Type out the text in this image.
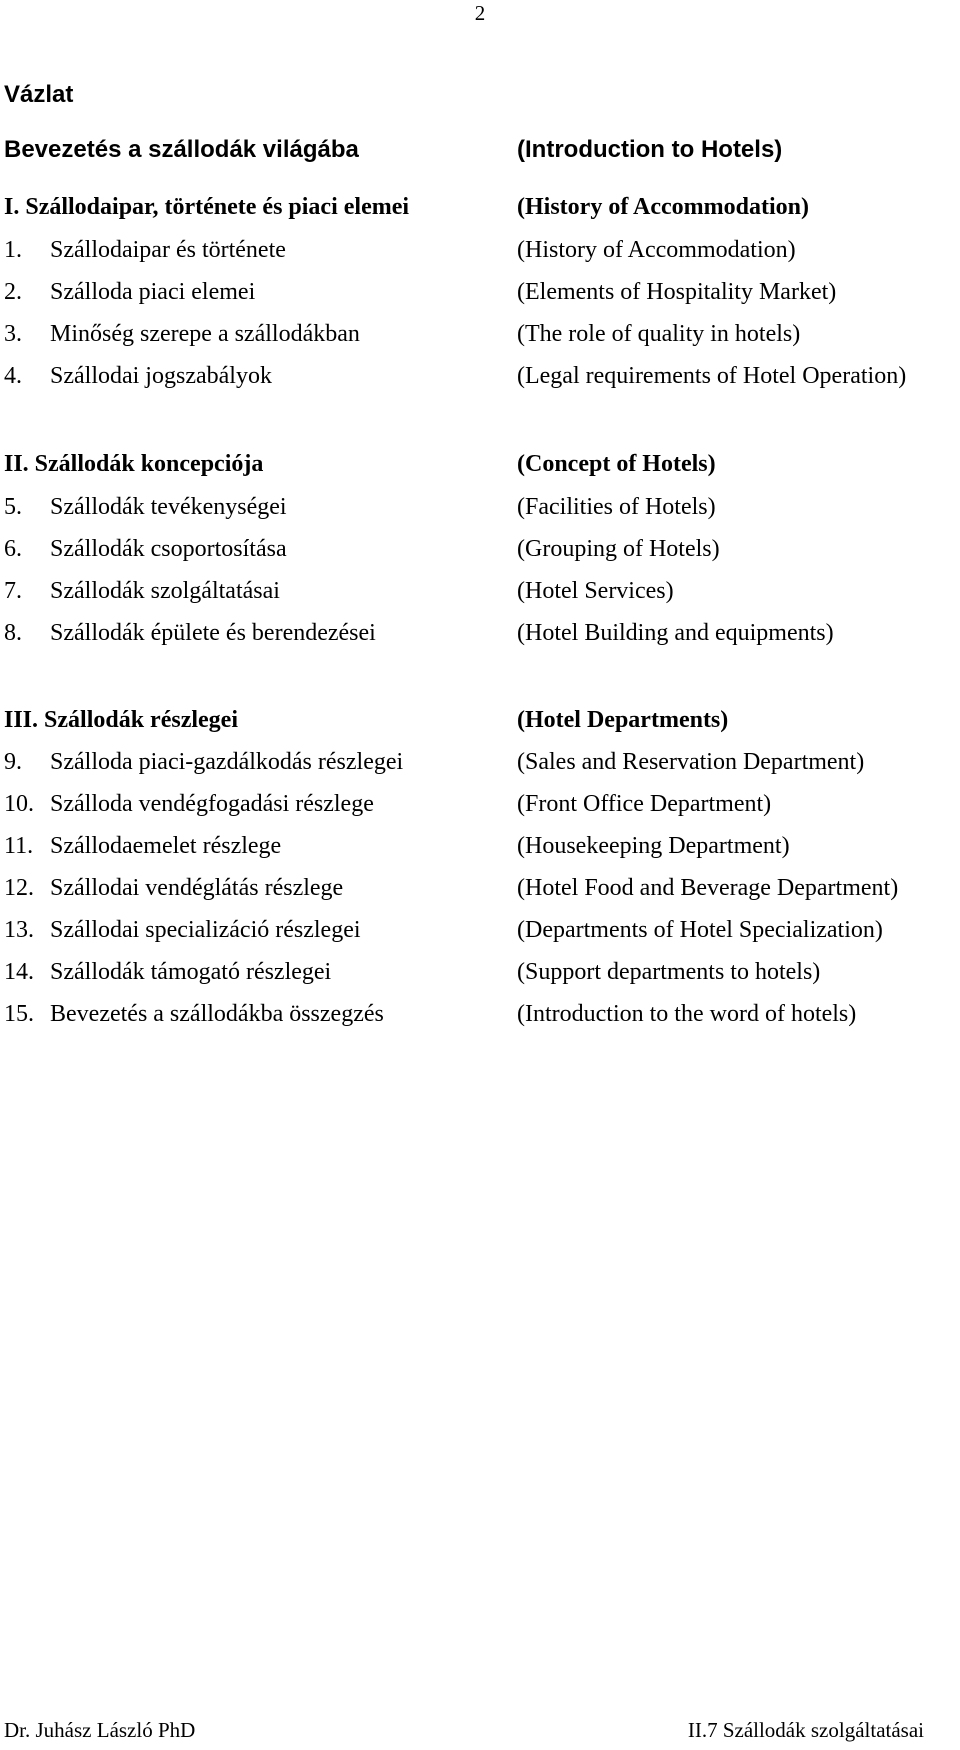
2
Vázlat
Bevezetés a szállodák világába	(Introduction to Hotels)
I. Szállodaipar, története és piaci elemei	(History of Accommodation)
1. Szállodaipar és története	(History of Accommodation)
2. Szálloda piaci elemei	(Elements of Hospitality Market)
3. Minőség szerepe a szállodákban	(The role of quality in hotels)
4. Szállodai jogszabályok	(Legal requirements of Hotel Operation)
II. Szállodák koncepciója	(Concept of Hotels)
5. Szállodák tevékenységei	(Facilities of Hotels)
6. Szállodák csoportosítása	(Grouping of Hotels)
7. Szállodák szolgáltatásai	(Hotel Services)
8. Szállodák épülete és berendezései	(Hotel Building and equipments)
III. Szállodák részlegei	(Hotel Departments)
9. Szálloda piaci-gazdálkodás részlegei	(Sales and Reservation Department)
10. Szálloda vendégfogadási részlege	(Front Office Department)
11. Szállodaemelet részlege	(Housekeeping Department)
12. Szállodai vendéglátás részlege	(Hotel Food and Beverage Department)
13. Szállodai specializáció részlegei	(Departments of Hotel Specialization)
14. Szállodák támogató részlegei	(Support departments to hotels)
15. Bevezetés a szállodákba összegzés	(Introduction to the word of hotels)
Dr. Juhász László PhD	II.7 Szállodák szolgáltatásai
